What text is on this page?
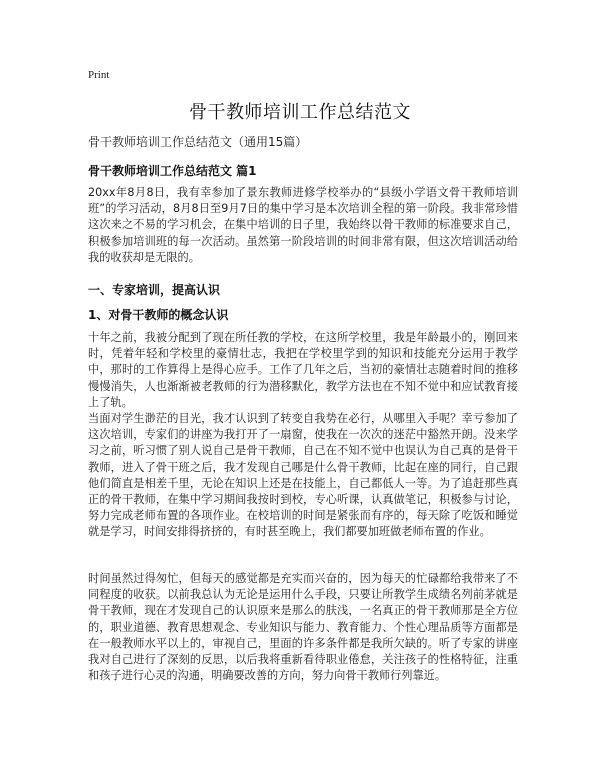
Print
骨干教师培训工作总结范文
骨干教师培训工作总结范文（通用15篇）
骨干教师培训工作总结范文 篇1
20xx年8月8日，我有幸参加了景东教师进修学校举办的“县级小学语文骨干教师培训班”的学习活动，8月8日至9月7日的集中学习是本次培训全程的第一阶段。我非常珍惜这次来之不易的学习机会，在集中培训的日子里，我始终以骨干教师的标准要求自己，积极参加培训班的每一次活动。虽然第一阶段培训的时间非常有限，但这次培训活动给我的收获却是无限的。
一、专家培训，提高认识
1、对骨干教师的概念认识
十年之前，我被分配到了现在所任教的学校，在这所学校里，我是年龄最小的，刚回来时，凭着年轻和学校里的豪情壮志，我把在学校里学到的知识和技能充分运用于教学中，那时的工作算得上是得心应手。工作了几年之后，当初的豪情壮志随着时间的推移慢慢消失，人也渐渐被老教师的行为潜移默化，教学方法也在不知不觉中和应试教育接上了轨。
当面对学生渺茫的目光，我才认识到了转变自我势在必行，从哪里入手呢？幸亏参加了这次培训，专家们的讲座为我打开了一扇窗，使我在一次次的迷茫中豁然开朗。没来学习之前，听习惯了别人说自己是骨干教师，自己在不知不觉中也误认为自己真的是骨干教师，进入了骨干班之后，我才发现自己哪是什么骨干教师，比起在座的同行，自己跟他们简直是相差千里，无论在知识上还是在技能上，自己都低人一等。为了追赶那些真正的骨干教师，在集中学习期间我按时到校，专心听课，认真做笔记，积极参与讨论，努力完成老师布置的各项作业。在校培训的时间是紧张而有序的，每天除了吃饭和睡觉就是学习，时间安排得挤挤的，有时甚至晚上，我们都要加班做老师布置的作业。
时间虽然过得匆忙，但每天的感觉都是充实而兴奋的，因为每天的忙碌都给我带来了不同程度的收获。以前我总认为无论是运用什么手段，只要让所教学生成绩名列前茅就是骨干教师，现在才发现自己的认识原来是那么的肤浅，一名真正的骨干教师那是全方位的，职业道德、教育思想观念、专业知识与能力、教育能力、个性心理品质等方面都是在一般教师水平以上的，审视自己，里面的许多条件都是我所欠缺的。听了专家的讲座我对自己进行了深刻的反思，以后我将重新看待职业倦怠，关注孩子的性格特征，注重和孩子进行心灵的沟通，明确要改善的方向，努力向骨干教师行列靠近。
